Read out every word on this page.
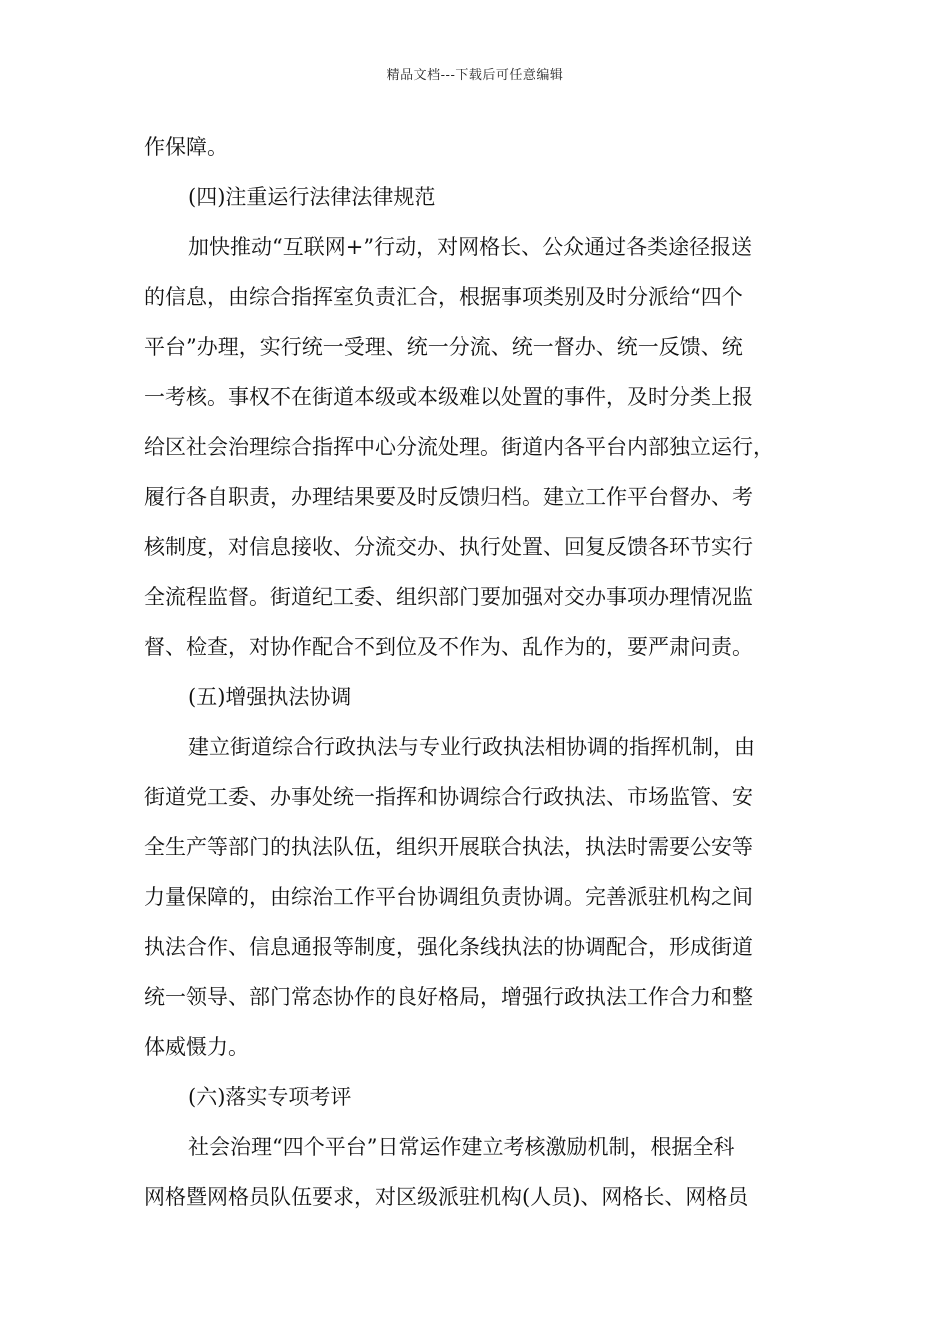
精品文档---下载后可任意编辑
作保障。
(四)注重运行法律法律规范
加快推动“互联网+”行动，对网格长、公众通过各类途径报送
的信息，由综合指挥室负责汇合，根据事项类别及时分派给“四个
平台”办理，实行统一受理、统一分流、统一督办、统一反馈、统
一考核。事权不在街道本级或本级难以处置的事件，及时分类上报
给区社会治理综合指挥中心分流处理。街道内各平台内部独立运行，
履行各自职责，办理结果要及时反馈归档。建立工作平台督办、考
核制度，对信息接收、分流交办、执行处置、回复反馈各环节实行
全流程监督。街道纪工委、组织部门要加强对交办事项办理情况监
督、检查，对协作配合不到位及不作为、乱作为的，要严肃问责。
(五)增强执法协调
建立街道综合行政执法与专业行政执法相协调的指挥机制，由
街道党工委、办事处统一指挥和协调综合行政执法、市场监管、安
全生产等部门的执法队伍，组织开展联合执法，执法时需要公安等
力量保障的，由综治工作平台协调组负责协调。完善派驻机构之间
执法合作、信息通报等制度，强化条线执法的协调配合，形成街道
统一领导、部门常态协作的良好格局，增强行政执法工作合力和整
体威慑力。
(六)落实专项考评
社会治理“四个平台”日常运作建立考核激励机制，根据全科
网格暨网格员队伍要求，对区级派驻机构(人员)、网格长、网格员
